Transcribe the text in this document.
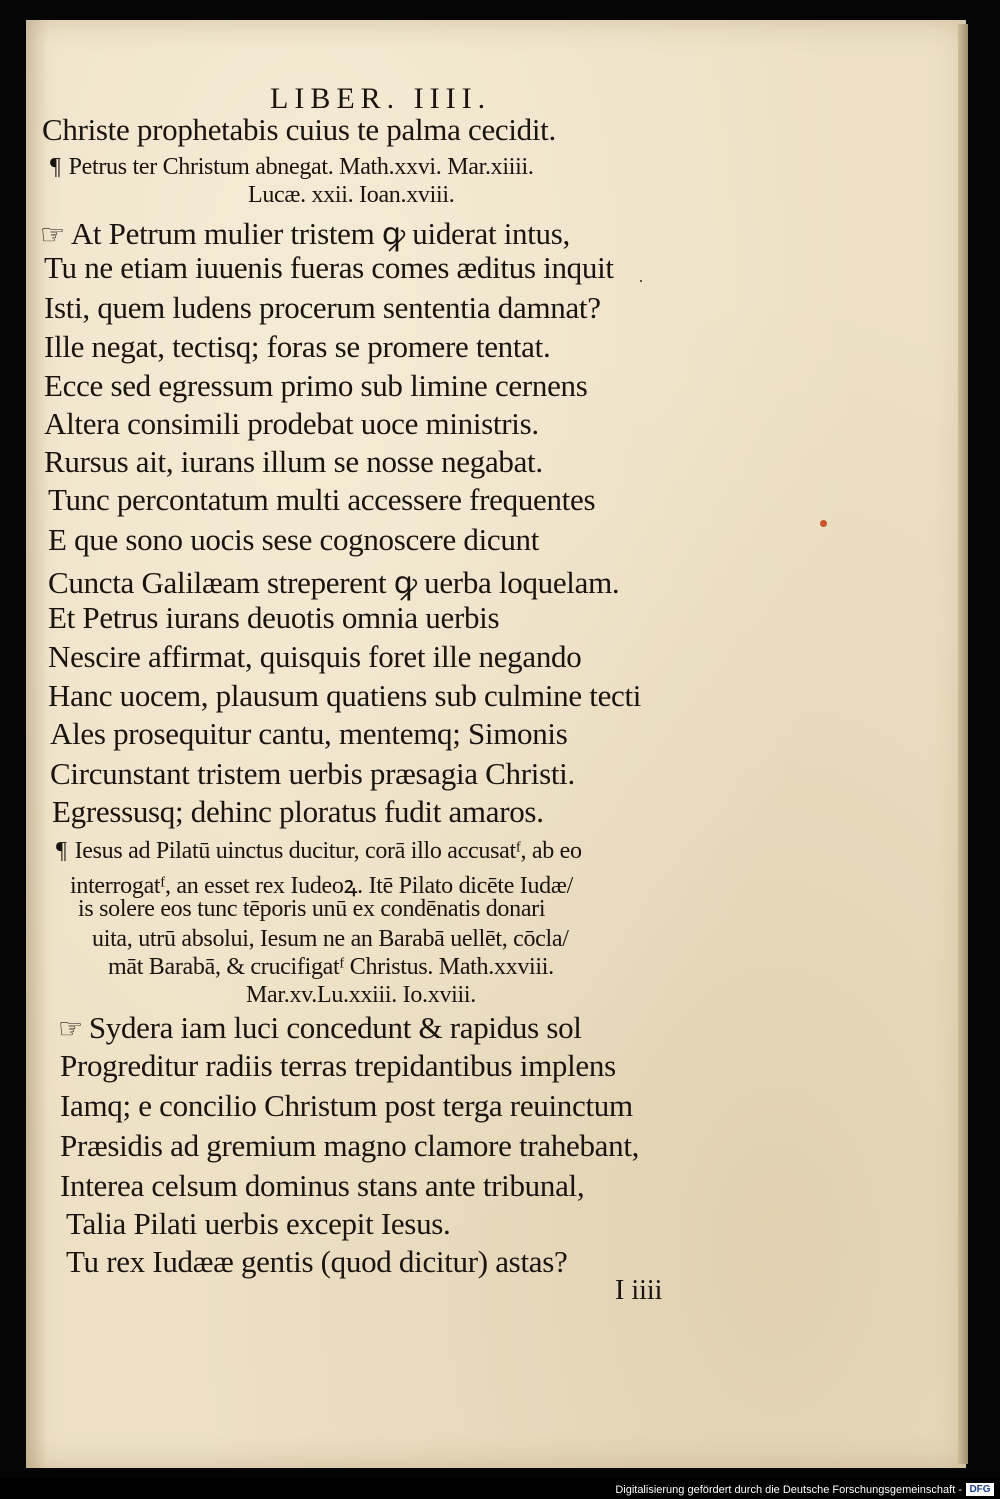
LIBER. IIII.
Christe prophetabis cuius te palma cecidit.
¶ Petrus ter Christum abnegat. Math.xxvi. Mar.xiiii.
Lucæ. xxii. Ioan.xviii.
☞ At Petrum mulier tristem ꝙ uiderat intus,
Tu ne etiam iuuenis fueras comes æditus inquit
Isti, quem ludens procerum sententia damnat?
Ille negat, tectisq; foras se promere tentat.
Ecce sed egressum primo sub limine cernens
Altera consimili prodebat uoce ministris.
Rursus ait, iurans illum se nosse negabat.
Tunc percontatum multi accessere frequentes
E que sono uocis sese cognoscere dicunt
Cuncta Galilæam streperent ꝙ uerba loquelam.
Et Petrus iurans deuotis omnia uerbis
Nescire affirmat, quisquis foret ille negando
Hanc uocem, plausum quatiens sub culmine tecti
Ales prosequitur cantu, mentemq; Simonis
Circunstant tristem uerbis præsagia Christi.
Egressusq; dehinc ploratus fudit amaros.
¶ Iesus ad Pilatū uinctus ducitur, corā illo accusatᶠ, ab eo
interrogatᶠ, an esset rex Iudeoꝝ. Itē Pilato dicēte Iudæ/
is solere eos tunc tēporis unū ex condēnatis donari
uita, utrū absolui, Iesum ne an Barabā uellēt, cōcla/
māt Barabā, & crucifigatᶠ Christus. Math.xxviii.
Mar.xv.Lu.xxiii. Io.xviii.
☞ Sydera iam luci concedunt & rapidus sol
Progreditur radiis terras trepidantibus implens
Iamq; e concilio Christum post terga reuinctum
Præsidis ad gremium magno clamore trahebant,
Interea celsum dominus stans ante tribunal,
Talia Pilati uerbis excepit Iesus.
Tu rex Iudææ gentis (quod dicitur) astas?
I iiii
Digitalisierung gefördert durch die Deutsche Forschungsgemeinschaft - DFG
